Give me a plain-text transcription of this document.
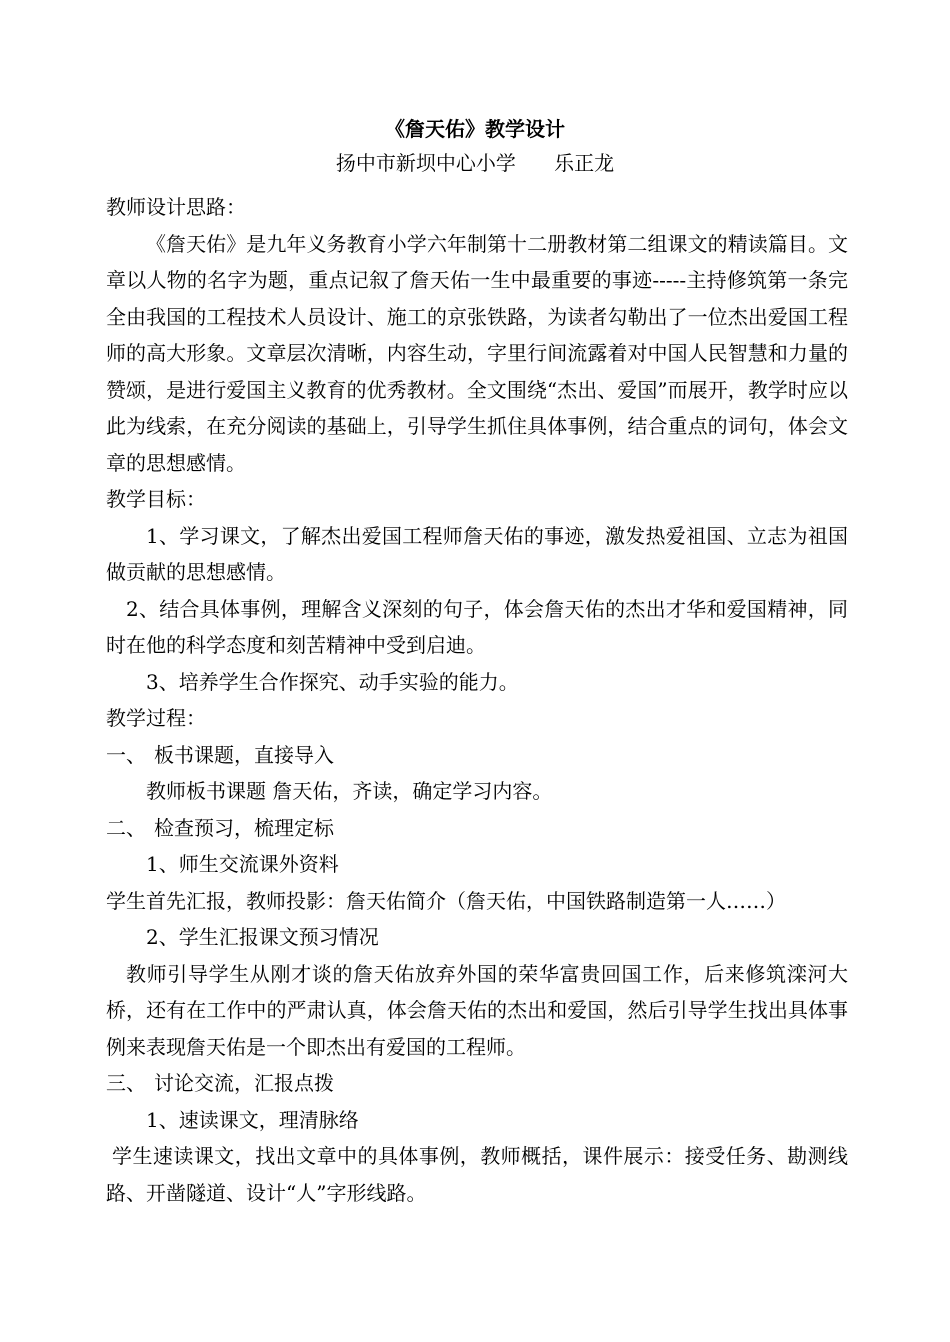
《詹天佑》教学设计
扬中市新坝中心小学      乐正龙

教师设计思路：

《詹天佑》是九年义务教育小学六年制第十二册教材第二组课文的精读篇目。文章以人物的名字为题，重点记叙了詹天佑一生中最重要的事迹-----主持修筑第一条完全由我国的工程技术人员设计、施工的京张铁路，为读者勾勒出了一位杰出爱国工程师的高大形象。文章层次清晰，内容生动，字里行间流露着对中国人民智慧和力量的赞颂，是进行爱国主义教育的优秀教材。全文围绕“杰出、爱国”而展开，教学时应以此为线索，在充分阅读的基础上，引导学生抓住具体事例，结合重点的词句，体会文章的思想感情。

教学目标：

1、学习课文，了解杰出爱国工程师詹天佑的事迹，激发热爱祖国、立志为祖国做贡献的思想感情。

2、结合具体事例，理解含义深刻的句子，体会詹天佑的杰出才华和爱国精神，同时在他的科学态度和刻苦精神中受到启迪。

3、培养学生合作探究、动手实验的能力。

教学过程：

一、 板书课题，直接导入

教师板书课题 詹天佑，齐读，确定学习内容。

二、 检查预习，梳理定标

1、师生交流课外资料

学生首先汇报，教师投影：詹天佑简介（詹天佑，中国铁路制造第一人……）

2、学生汇报课文预习情况

教师引导学生从刚才谈的詹天佑放弃外国的荣华富贵回国工作，后来修筑滦河大桥，还有在工作中的严肃认真，体会詹天佑的杰出和爱国，然后引导学生找出具体事例来表现詹天佑是一个即杰出有爱国的工程师。

三、 讨论交流，汇报点拨

1、速读课文，理清脉络

学生速读课文，找出文章中的具体事例，教师概括，课件展示：接受任务、勘测线路、开凿隧道、设计“人”字形线路。
